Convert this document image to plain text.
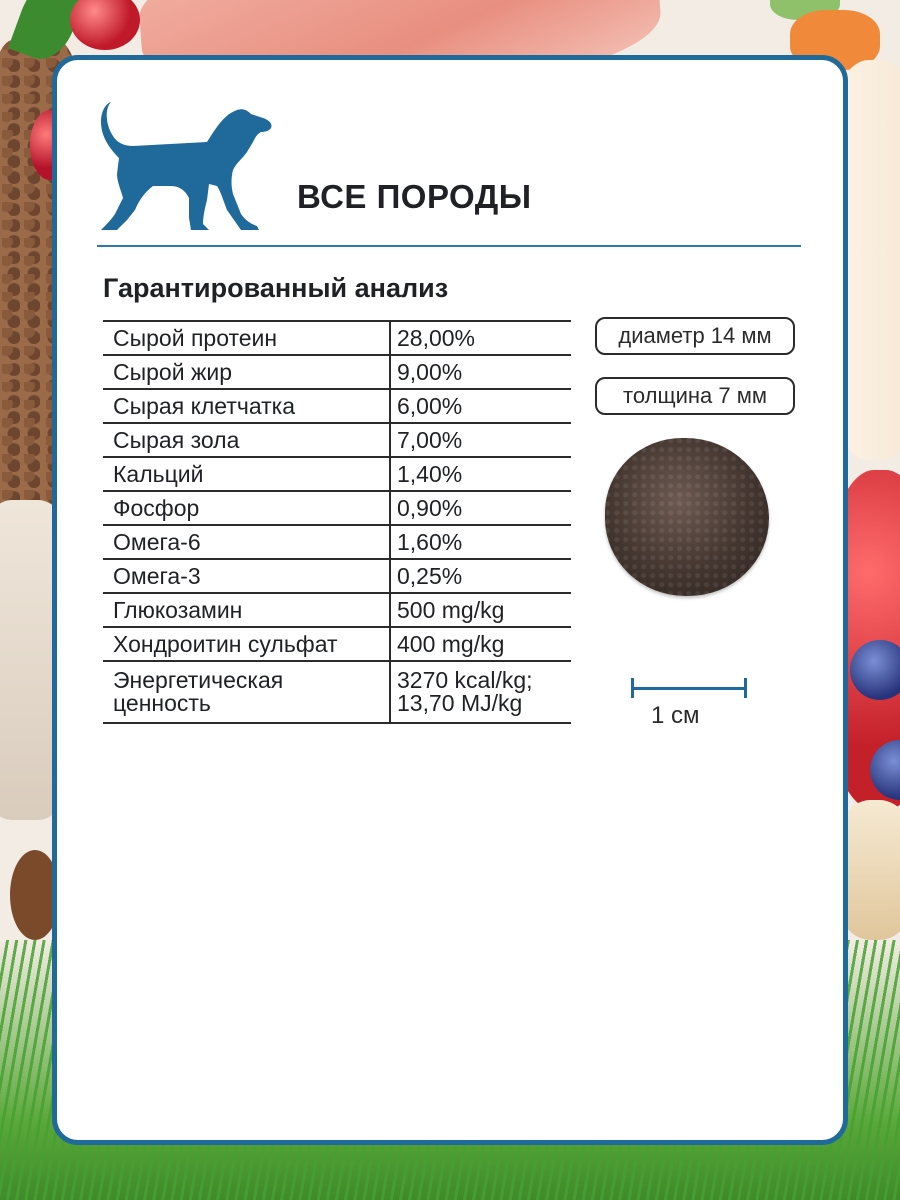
ВСЕ ПОРОДЫ
Гарантированный анализ
Сырой протеин	28,00%
Сырой жир	9,00%
Сырая клетчатка	6,00%
Сырая зола	7,00%
Кальций	1,40%
Фосфор	0,90%
Омега-6	1,60%
Омега-3	0,25%
Глюкозамин	500 mg/kg
Хондроитин сульфат	400 mg/kg
Энергетическая
ценность	3270 kcal/kg;
13,70 MJ/kg
диаметр 14 мм
толщина 7 мм
1 см
